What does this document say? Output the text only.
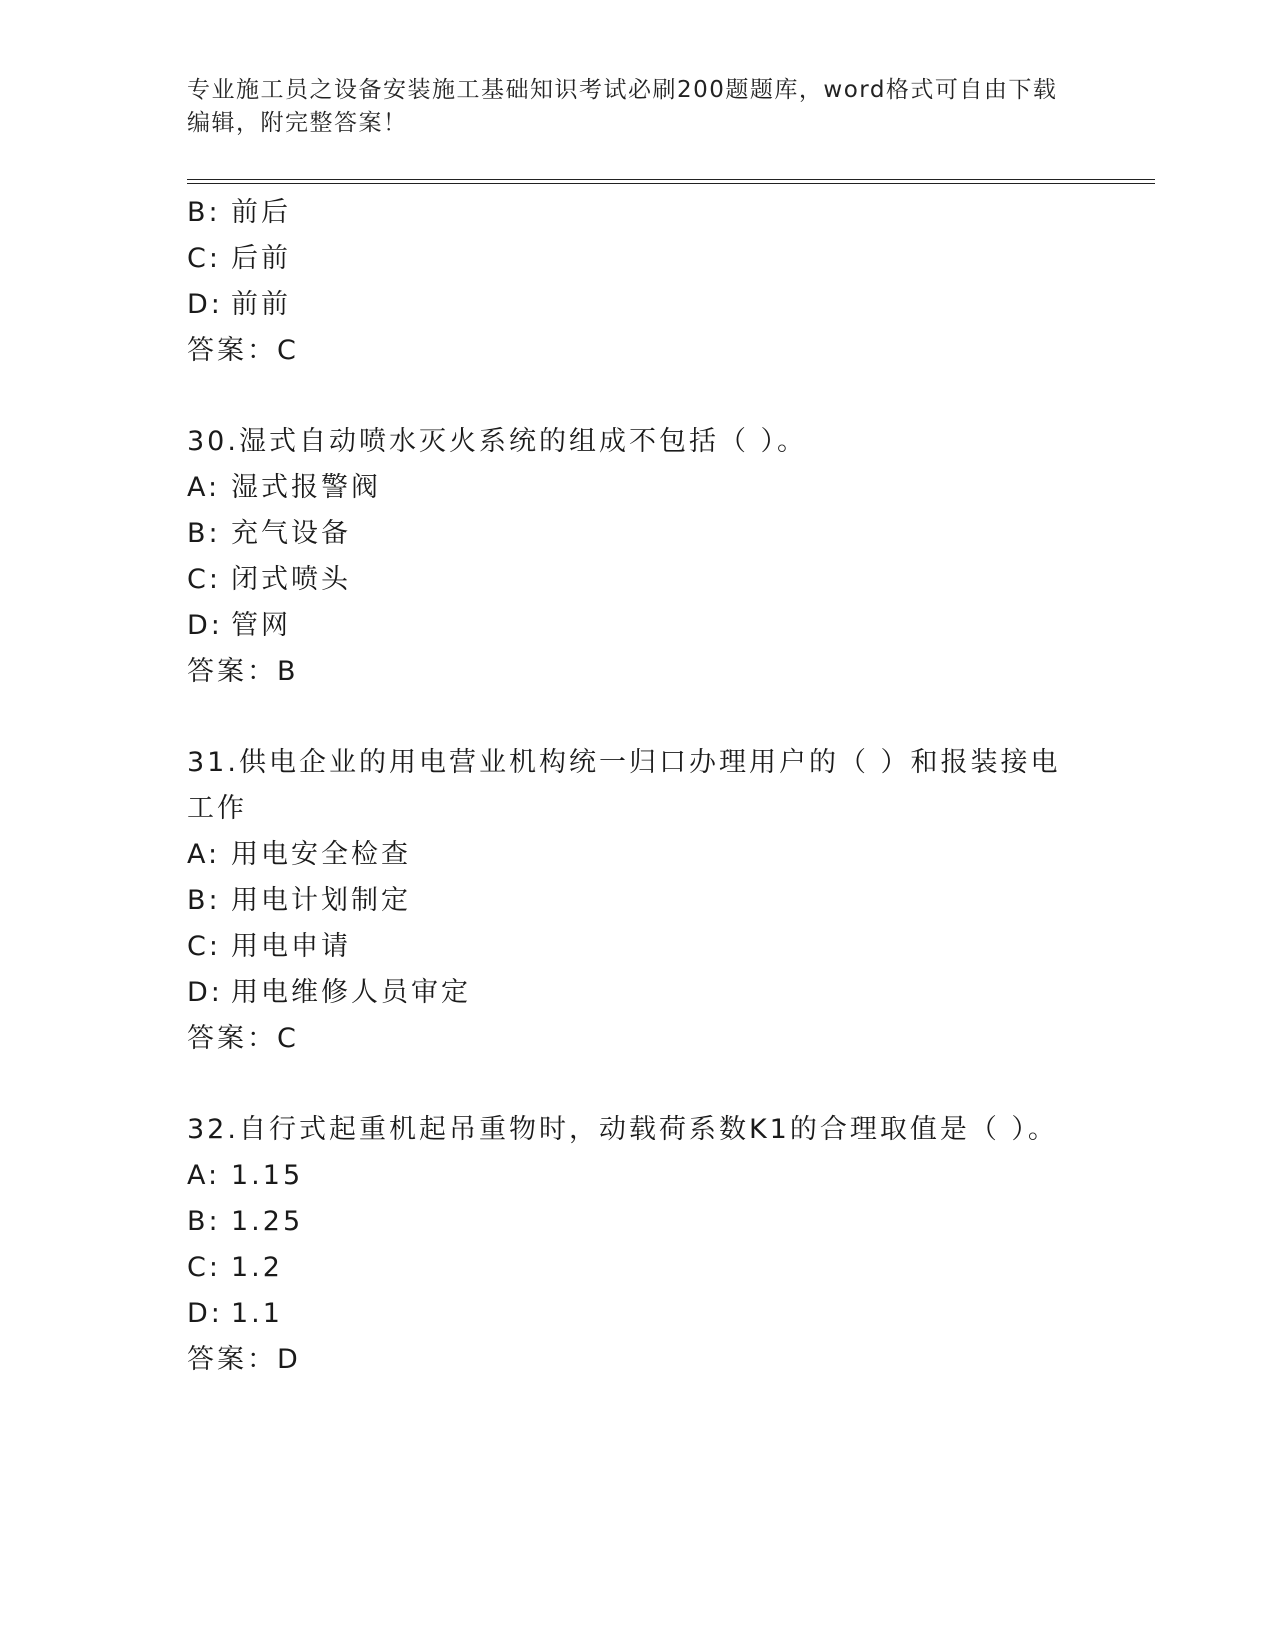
专业施工员之设备安装施工基础知识考试必刷200题题库，word格式可自由下载编辑，附完整答案！
B: 前后
C: 后前
D: 前前
答案：C
30.湿式自动喷水灭火系统的组成不包括（ ）。
A: 湿式报警阀
B: 充气设备
C: 闭式喷头
D: 管网
答案：B
31.供电企业的用电营业机构统一归口办理用户的（ ）和报装接电工作
A: 用电安全检查
B: 用电计划制定
C: 用电申请
D: 用电维修人员审定
答案：C
32.自行式起重机起吊重物时，动载荷系数K1的合理取值是（ ）。
A: 1.15
B: 1.25
C: 1.2
D: 1.1
答案：D
